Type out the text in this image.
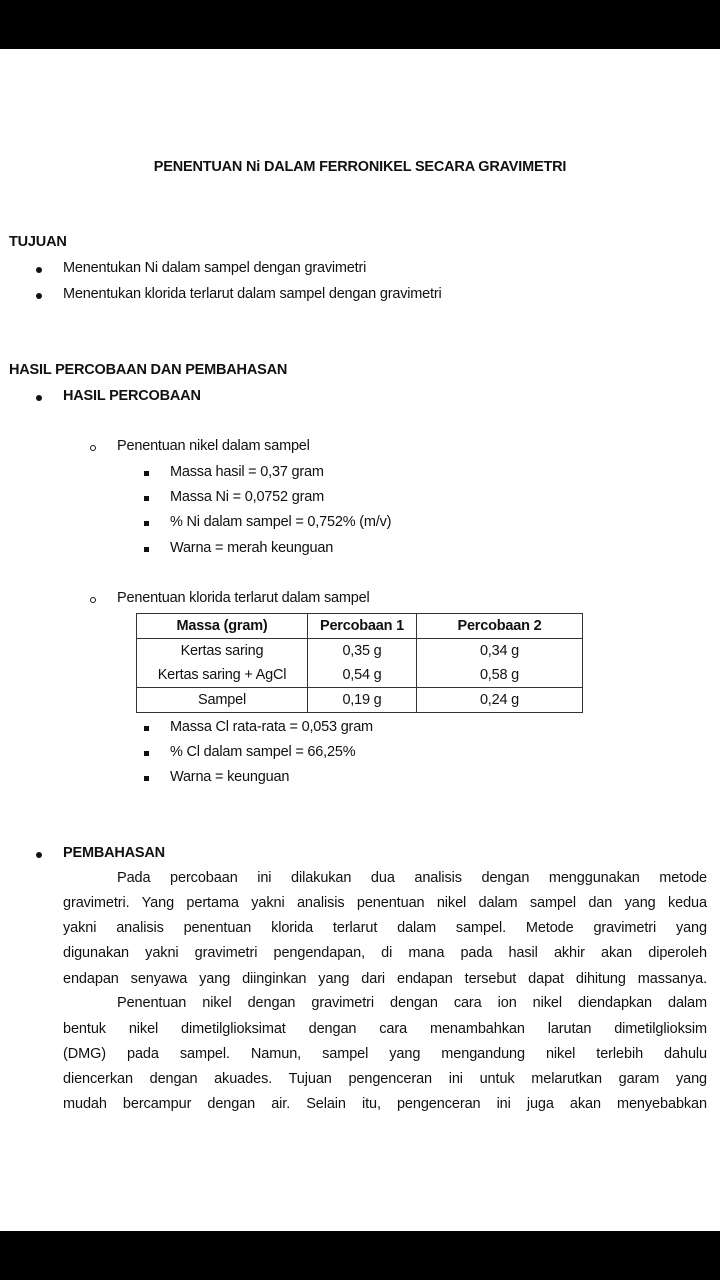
PENENTUAN Ni DALAM FERRONIKEL SECARA GRAVIMETRI
TUJUAN
Menentukan Ni dalam sampel dengan gravimetri
Menentukan klorida terlarut dalam sampel dengan gravimetri
HASIL PERCOBAAN DAN PEMBAHASAN
HASIL PERCOBAAN
Penentuan nikel dalam sampel
Massa hasil = 0,37 gram
Massa Ni = 0,0752 gram
% Ni dalam sampel = 0,752% (m/v)
Warna = merah keunguan
Penentuan klorida terlarut dalam sampel
Massa (gram)	Percobaan 1	Percobaan 2
Kertas saring	0,35 g	0,34 g
Kertas saring + AgCl	0,54 g	0,58 g
Sampel	0,19 g	0,24 g
Massa Cl rata-rata = 0,053 gram
% Cl dalam sampel = 66,25%
Warna = keunguan
PEMBAHASAN
Pada percobaan ini dilakukan dua analisis dengan menggunakan metode
gravimetri. Yang pertama yakni analisis penentuan nikel dalam sampel dan yang kedua
yakni analisis penentuan klorida terlarut dalam sampel. Metode gravimetri yang
digunakan yakni gravimetri pengendapan, di mana pada hasil akhir akan diperoleh
endapan senyawa yang diinginkan yang dari endapan tersebut dapat dihitung massanya.
Penentuan nikel dengan gravimetri dengan cara ion nikel diendapkan dalam
bentuk nikel dimetilglioksimat dengan cara menambahkan larutan dimetilglioksim
(DMG) pada sampel. Namun, sampel yang mengandung nikel terlebih dahulu
diencerkan dengan akuades. Tujuan pengenceran ini untuk melarutkan garam yang
mudah bercampur dengan air. Selain itu, pengenceran ini juga akan menyebabkan
